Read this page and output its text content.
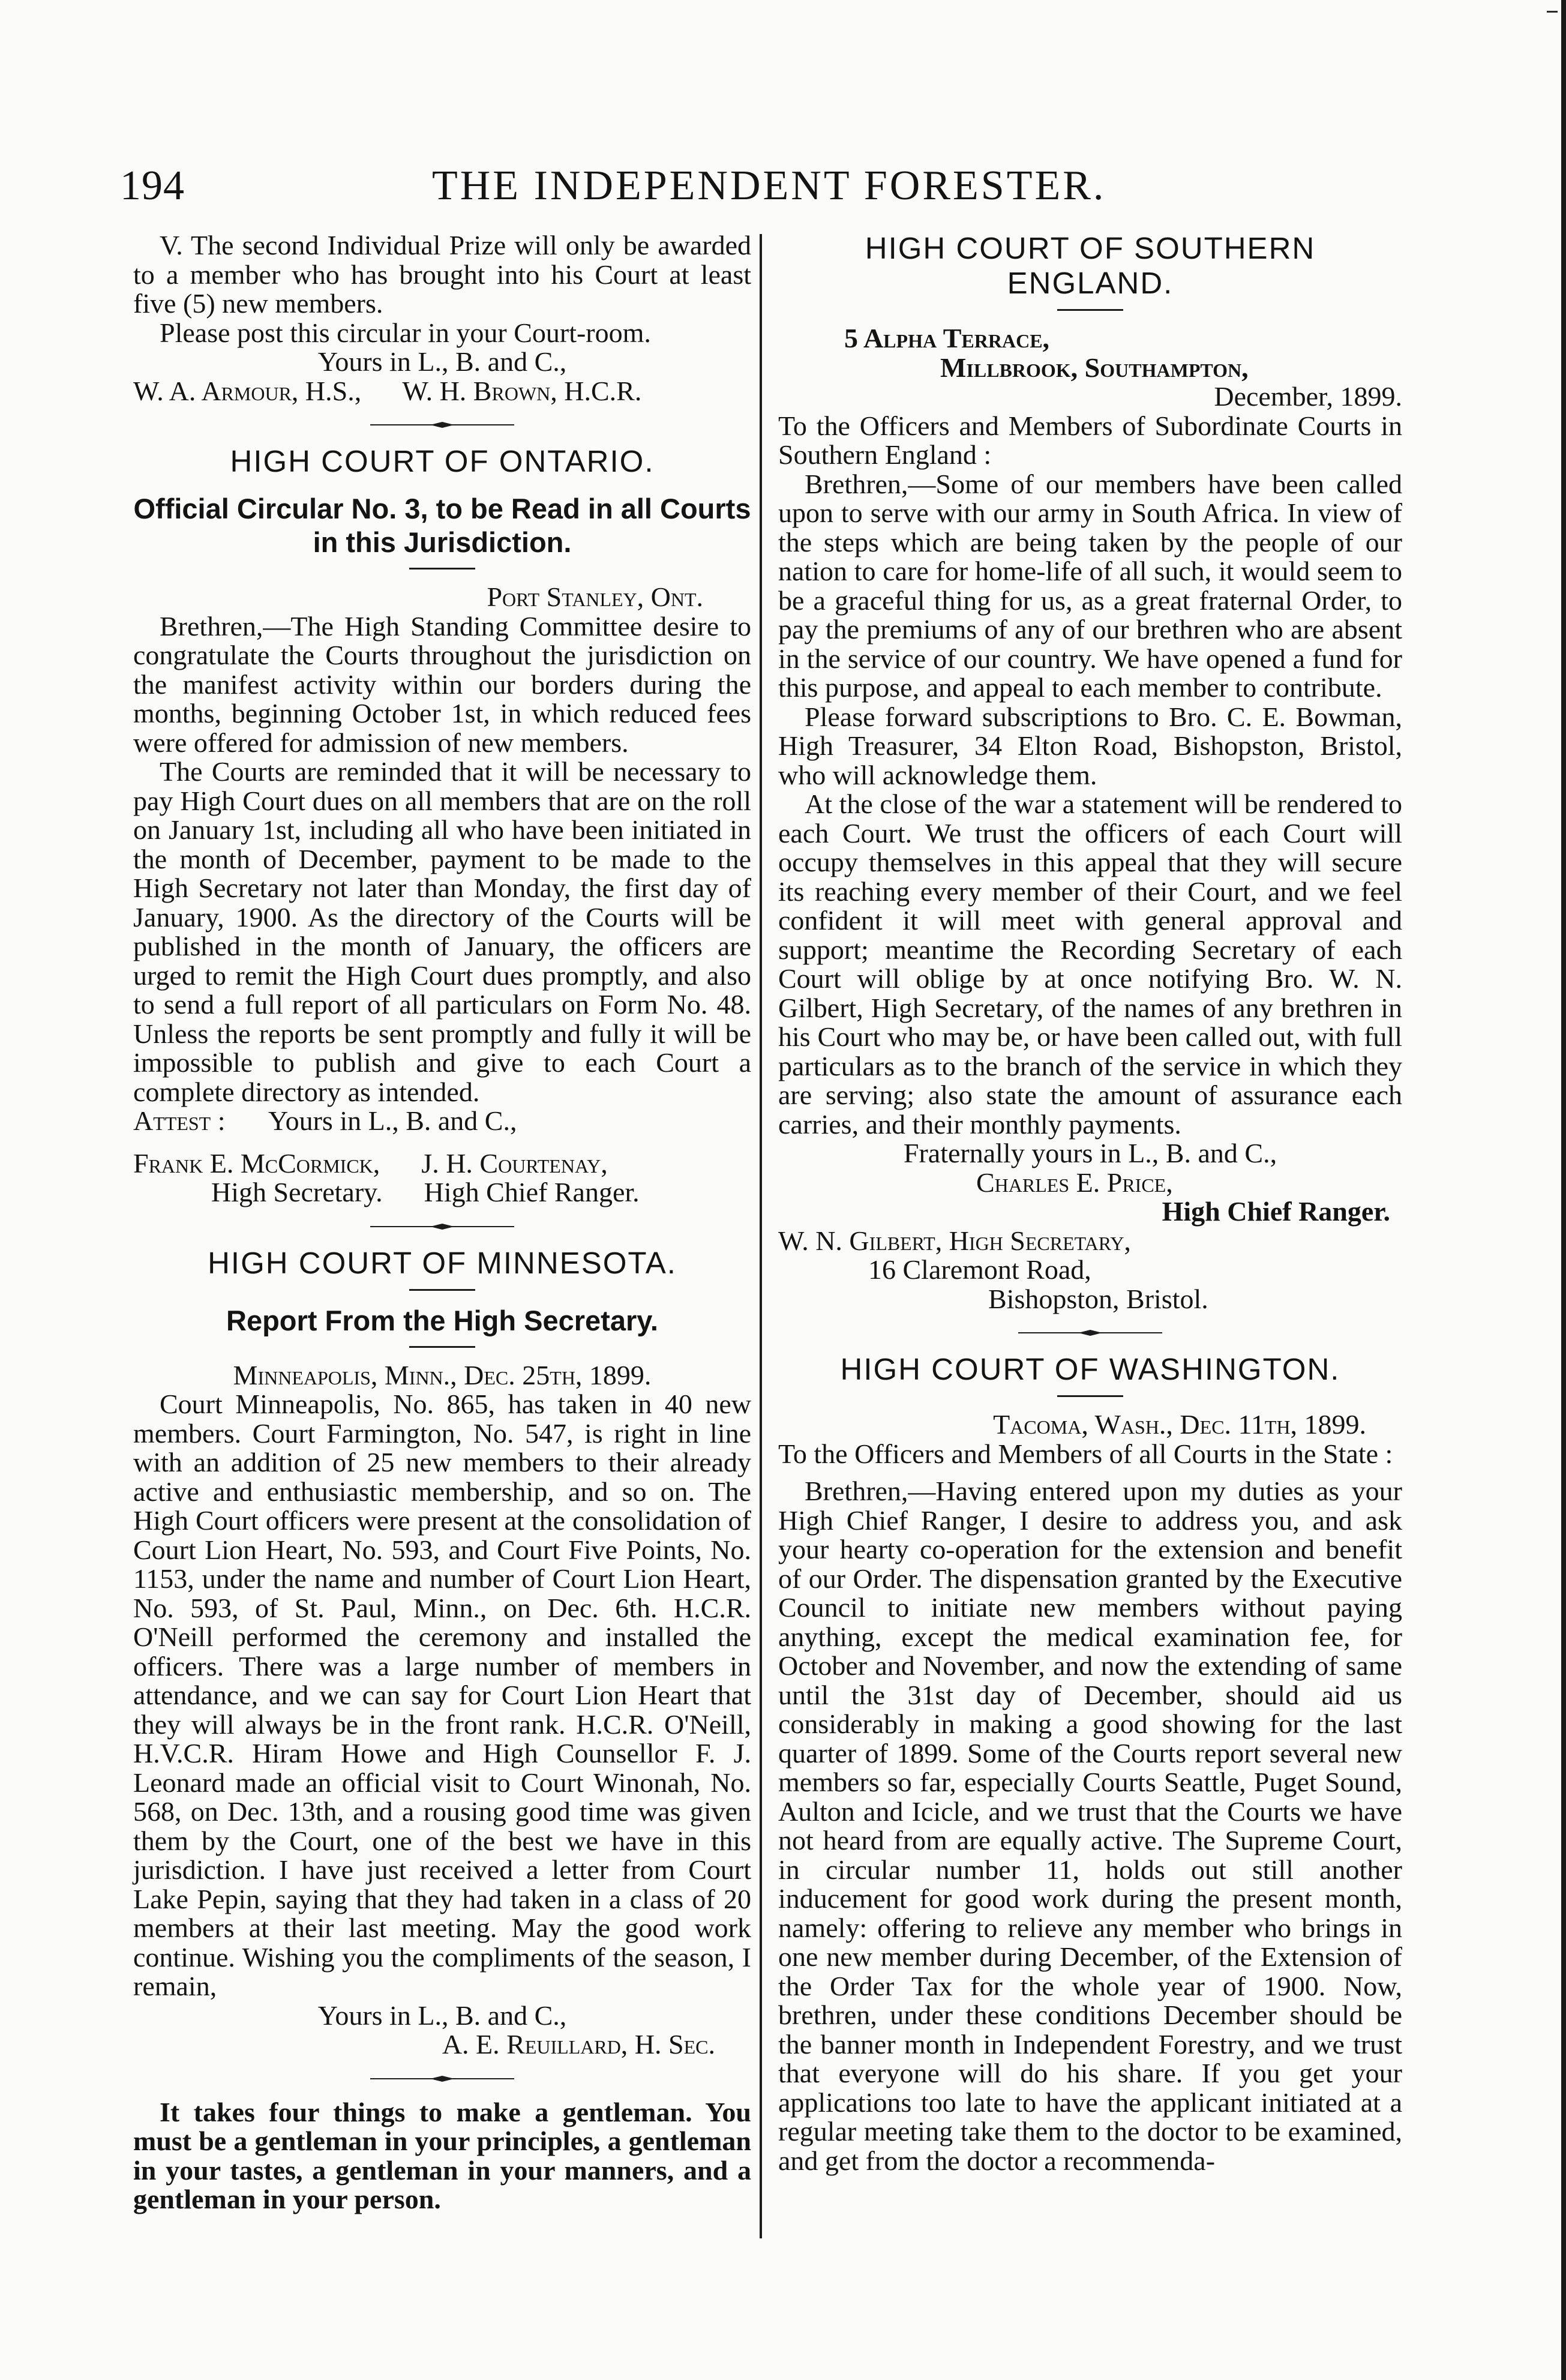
194	THE INDEPENDENT FORESTER.

V. The second Individual Prize will only be awarded to a member who has brought into his Court at least five (5) new members.

Please post this circular in your Court-room.

Yours in L., B. and C.,

W. A. Armour, H.S.,      W. H. Brown, H.C.R.

HIGH COURT OF ONTARIO.

Official Circular No. 3, to be Read in all Courts

in this Jurisdiction.

Port Stanley, Ont.

Brethren,—The High Standing Committee desire to congratulate the Courts throughout the jurisdiction on the manifest activity within our borders during the months, beginning October 1st, in which reduced fees were offered for admission of new members.

The Courts are reminded that it will be necessary to pay High Court dues on all members that are on the roll on January 1st, including all who have been initiated in the month of December, payment to be made to the High Secretary not later than Monday, the first day of January, 1900. As the directory of the Courts will be published in the month of January, the officers are urged to remit the High Court dues promptly, and also to send a full report of all particulars on Form No. 48. Unless the reports be sent promptly and fully it will be impossible to publish and give to each Court a complete directory as intended.

Attest : Yours in L., B. and C.,

Frank E. McCormick,      J. H. Courtenay,

High Secretary.      High Chief Ranger.

HIGH COURT OF MINNESOTA.

Report From the High Secretary.

Minneapolis, Minn., Dec. 25th, 1899.

Court Minneapolis, No. 865, has taken in 40 new members. Court Farmington, No. 547, is right in line with an addition of 25 new members to their already active and enthusiastic membership, and so on. The High Court officers were present at the consolidation of Court Lion Heart, No. 593, and Court Five Points, No. 1153, under the name and number of Court Lion Heart, No. 593, of St. Paul, Minn., on Dec. 6th. H.C.R. O'Neill performed the ceremony and installed the officers. There was a large number of members in attendance, and we can say for Court Lion Heart that they will always be in the front rank. H.C.R. O'Neill, H.V.C.R. Hiram Howe and High Counsellor F. J. Leonard made an official visit to Court Winonah, No. 568, on Dec. 13th, and a rousing good time was given them by the Court, one of the best we have in this jurisdiction. I have just received a letter from Court Lake Pepin, saying that they had taken in a class of 20 members at their last meeting. May the good work continue. Wishing you the compliments of the season, I remain,

Yours in L., B. and C.,

A. E. Reuillard, H. Sec.

It takes four things to make a gentleman. You must be a gentleman in your principles, a gentleman in your tastes, a gentleman in your manners, and a gentleman in your person.

HIGH COURT OF SOUTHERN

ENGLAND.

5 Alpha Terrace,

Millbrook, Southampton,

December, 1899.

To the Officers and Members of Subordinate Courts in Southern England :

Brethren,—Some of our members have been called upon to serve with our army in South Africa. In view of the steps which are being taken by the people of our nation to care for home-life of all such, it would seem to be a graceful thing for us, as a great fraternal Order, to pay the premiums of any of our brethren who are absent in the service of our country. We have opened a fund for this purpose, and appeal to each member to contribute.

Please forward subscriptions to Bro. C. E. Bowman, High Treasurer, 34 Elton Road, Bishopston, Bristol, who will acknowledge them.

At the close of the war a statement will be rendered to each Court. We trust the officers of each Court will occupy themselves in this appeal that they will secure its reaching every member of their Court, and we feel confident it will meet with general approval and support; meantime the Recording Secretary of each Court will oblige by at once notifying Bro. W. N. Gilbert, High Secretary, of the names of any brethren in his Court who may be, or have been called out, with full particulars as to the branch of the service in which they are serving; also state the amount of assurance each carries, and their monthly payments.

Fraternally yours in L., B. and C.,

Charles E. Price,

High Chief Ranger.

W. N. Gilbert, High Secretary,

16 Claremont Road,

Bishopston, Bristol.

HIGH COURT OF WASHINGTON.

Tacoma, Wash., Dec. 11th, 1899.

To the Officers and Members of all Courts in the State :

Brethren,—Having entered upon my duties as your High Chief Ranger, I desire to address you, and ask your hearty co-operation for the extension and benefit of our Order. The dispensation granted by the Executive Council to initiate new members without paying anything, except the medical examination fee, for October and November, and now the extending of same until the 31st day of December, should aid us considerably in making a good showing for the last quarter of 1899. Some of the Courts report several new members so far, especially Courts Seattle, Puget Sound, Aulton and Icicle, and we trust that the Courts we have not heard from are equally active. The Supreme Court, in circular number 11, holds out still another inducement for good work during the present month, namely: offering to relieve any member who brings in one new member during December, of the Extension of the Order Tax for the whole year of 1900. Now, brethren, under these conditions December should be the banner month in Independent Forestry, and we trust that everyone will do his share. If you get your applications too late to have the applicant initiated at a regular meeting take them to the doctor to be examined, and get from the doctor a recommenda-
